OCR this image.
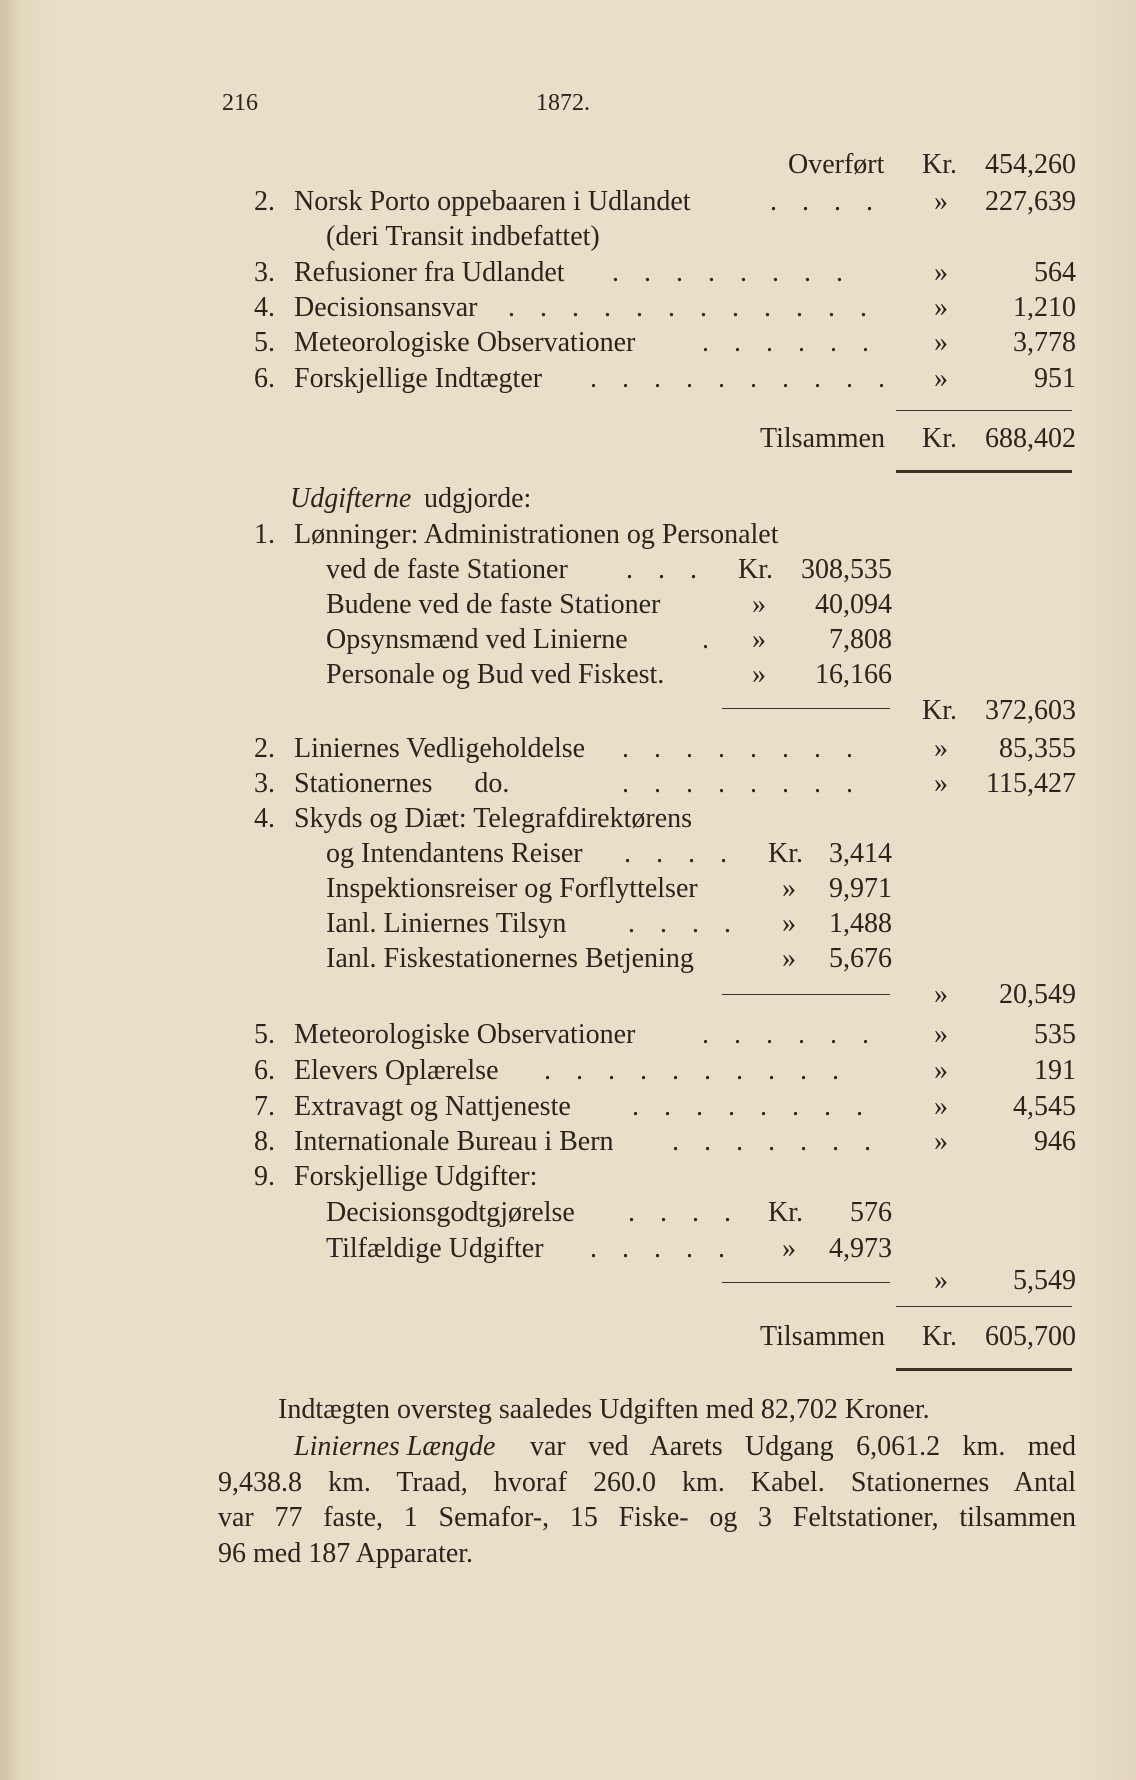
216	1872.
Overført Kr.	454,260
2. Norsk Porto oppebaaren i Udlandet	. . . . »	227,639
(deri Transit indbefattet)
3. Refusioner fra Udlandet . . . . . . . .	»	564
4. Decisionsansvar . . . . . . . . . . . . »	1,210
5. Meteorologiske Observationer . . . . . . »	3,778
6. Forskjellige Indtægter . . . . . . . . . . »	951
Tilsammen Kr.	688,402
Udgifterne udgjorde:
1. Lønninger: Administrationen og Personalet
ved de faste Stationer . . . Kr.	308,535
Budene ved de faste Stationer	»	40,094
Opsynsmænd ved Linierne	. »	7,808
Personale og Bud ved Fiskest.	»	16,166
Kr.	372,603
2. Liniernes Vedligeholdelse . . . . . . . .	»	85,355
3. Stationernes      do.	. . . . . . . .	»	115,427
4. Skyds og Diæt: Telegrafdirektørens
og Intendantens Reiser . . . . Kr. 3,414
Inspektionsreiser og Forflyttelser	»	9,971
Ianl. Liniernes Tilsyn . . . . »	1,488
Ianl. Fiskestationernes Betjening	»	5,676
»	20,549
5. Meteorologiske Observationer . . . . . . »	535
6. Elevers Oplærelse . . . . . . . . . .	»	191
7. Extravagt og Nattjeneste . . . . . . . . »	4,545
8. Internationale Bureau i Bern . . . . . . . »	946
9. Forskjellige Udgifter:
Decisionsgodtgjørelse . . . . Kr.	576
Tilfældige Udgifter . . . . . »	4,973
»	5,549
Tilsammen Kr.	605,700
Indtægten oversteg saaledes Udgiften med 82,702 Kroner.
Liniernes Længde var ved Aarets Udgang 6,061.2 km. med
9,438.8 km. Traad, hvoraf 260.0 km. Kabel. Stationernes Antal
var 77 faste, 1 Semafor-, 15 Fiske- og 3 Feltstationer, tilsammen
96 med 187 Apparater.
